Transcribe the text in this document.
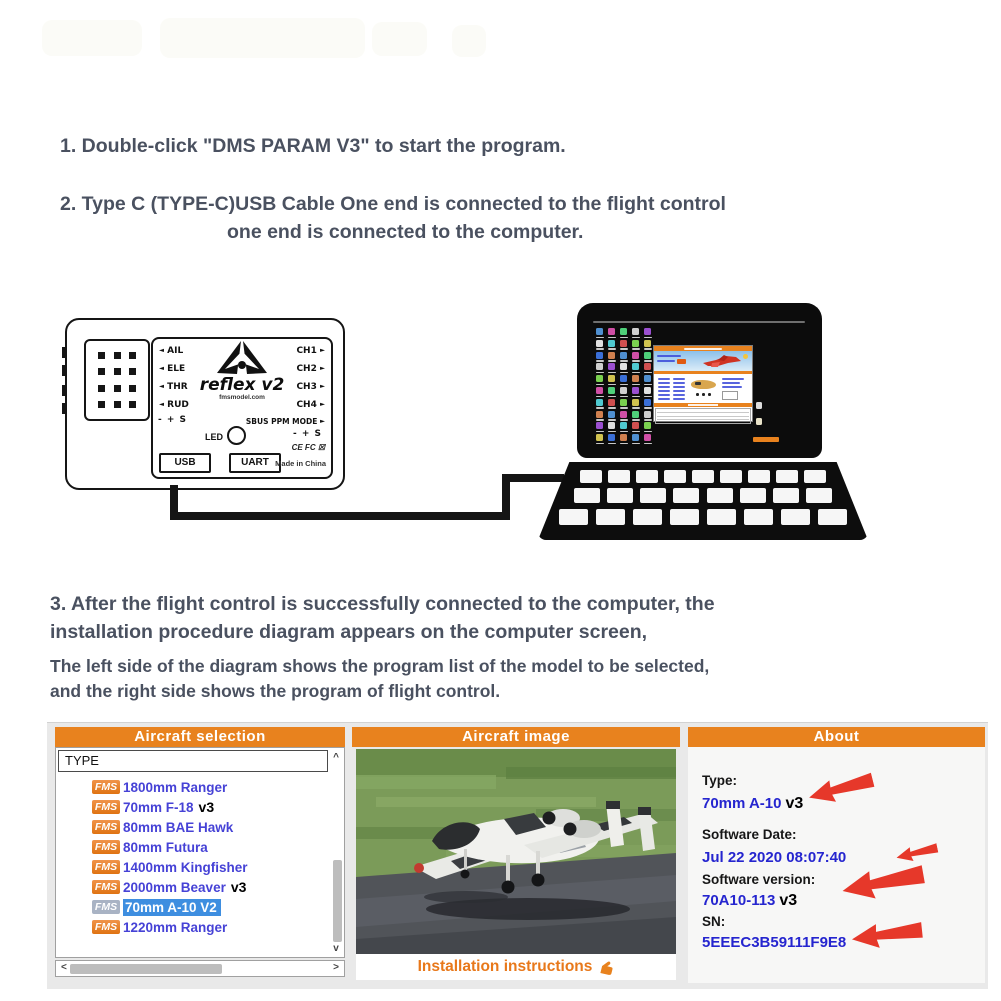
1. Double-click "DMS PARAM V3" to start the program.
2. Type C (TYPE-C)USB Cable One end is connected to the flight control
one end is connected to the computer.
◄ AIL
◄ ELE
◄ THR
◄ RUD
CH1 ►
CH2 ►
CH3 ►
CH4 ►
- + S	SBUS PPM MODE ►
- + S
reflex v2
fmsmodel.com
LED
USB	UART
CE FC ☒
Made in China
3. After the flight control is successfully connected to the computer, the
installation procedure diagram appears on the computer screen,
The left side of the diagram shows the program list of the model to be selected,
and the right side shows the program of flight control.
Aircraft selection
TYPE	^
v
FMS 1800mm Ranger
FMS 70mm F-18 v3
FMS 80mm BAE Hawk
FMS 80mm Futura
FMS 1400mm Kingfisher
FMS 2000mm Beaver v3
FMS 70mm A-10 V2
FMS 1220mm Ranger
<	>
Aircraft image
Installation instructions
About
Type:
70mm A-10 v3
Software Date:
Jul 22 2020 08:07:40
Software version:
70A10-113 v3
SN:
5EEEC3B59111F9E8
